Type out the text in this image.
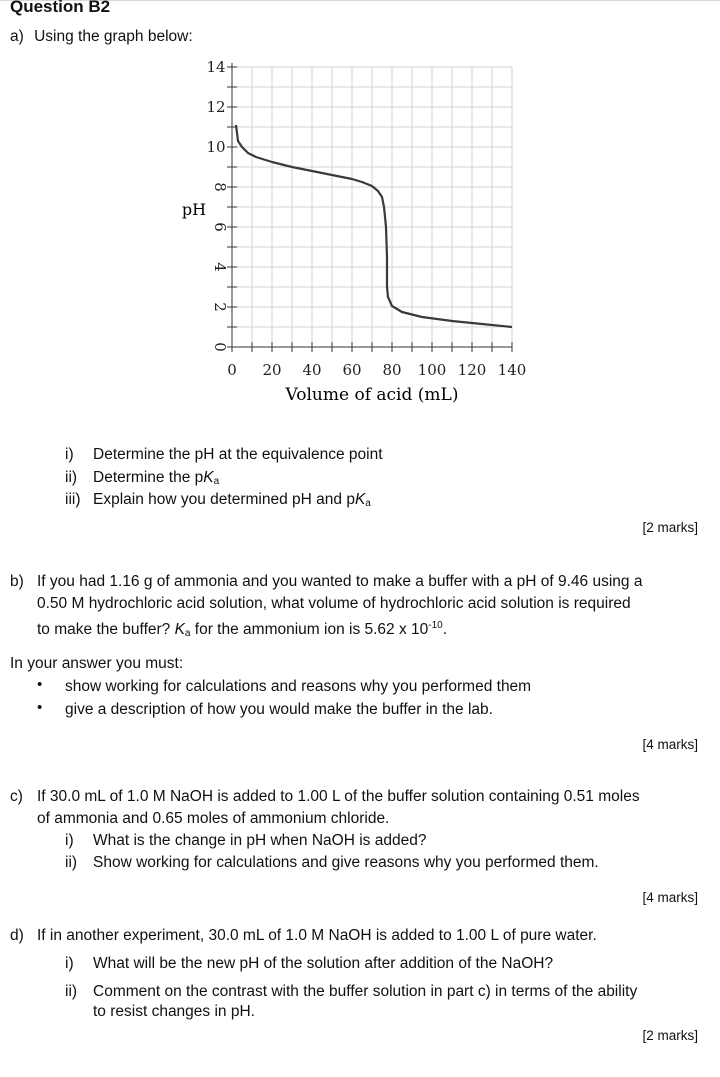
Question B2
a) Using the graph below:
0 20 40 60 80 100 120 140
0
2
4
6
8
10
12
14
Volume of acid (mL)
pH
i) Determine the pH at the equivalence point
ii) Determine the pKa
iii) Explain how you determined pH and pKa
[2 marks]
b) If you had 1.16 g of ammonia and you wanted to make a buffer with a pH of 9.46 using a
0.50 M hydrochloric acid solution, what volume of hydrochloric acid solution is required
to make the buffer? Ka for the ammonium ion is 5.62 x $10^{-10}$.
In your answer you must:
• show working for calculations and reasons why you performed them
• give a description of how you would make the buffer in the lab.
[4 marks]
c) If 30.0 mL of 1.0 M NaOH is added to 1.00 L of the buffer solution containing 0.51 moles
of ammonia and 0.65 moles of ammonium chloride.
i) What is the change in pH when NaOH is added?
ii) Show working for calculations and give reasons why you performed them.
[4 marks]
d) If in another experiment, 30.0 mL of 1.0 M NaOH is added to 1.00 L of pure water.
i) What will be the new pH of the solution after addition of the NaOH?
ii) Comment on the contrast with the buffer solution in part c) in terms of the ability
to resist changes in pH.
[2 marks]
